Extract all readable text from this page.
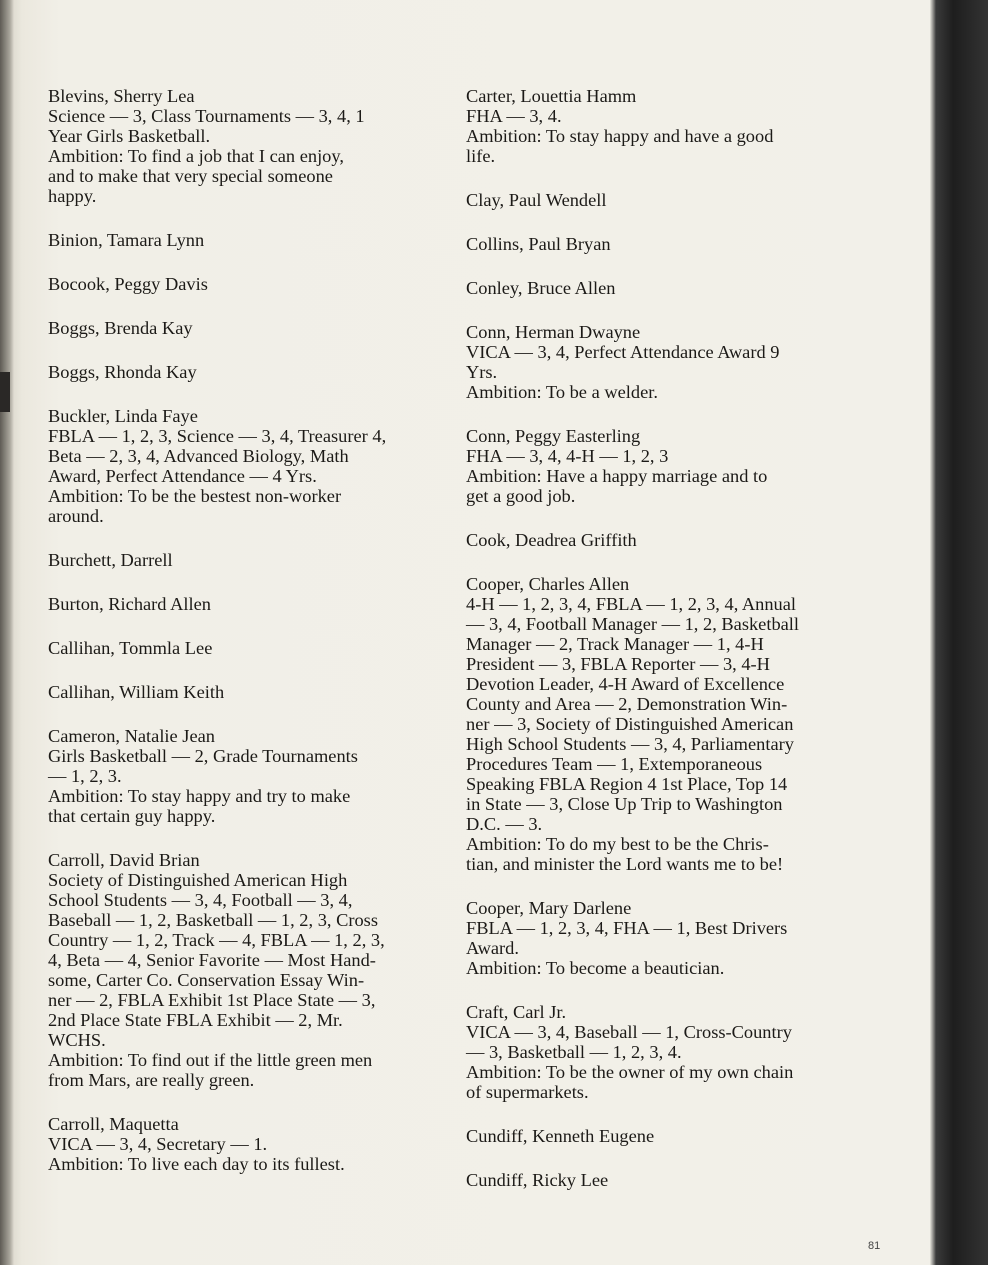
Blevins, Sherry Lea
Science — 3, Class Tournaments — 3, 4, 1
Year Girls Basketball.
Ambition: To find a job that I can enjoy,
and to make that very special someone
happy.
Binion, Tamara Lynn
Bocook, Peggy Davis
Boggs, Brenda Kay
Boggs, Rhonda Kay
Buckler, Linda Faye
FBLA — 1, 2, 3, Science — 3, 4, Treasurer 4,
Beta — 2, 3, 4, Advanced Biology, Math
Award, Perfect Attendance — 4 Yrs.
Ambition: To be the bestest non-worker
around.
Burchett, Darrell
Burton, Richard Allen
Callihan, Tommla Lee
Callihan, William Keith
Cameron, Natalie Jean
Girls Basketball — 2, Grade Tournaments
— 1, 2, 3.
Ambition: To stay happy and try to make
that certain guy happy.
Carroll, David Brian
Society of Distinguished American High
School Students — 3, 4, Football — 3, 4,
Baseball — 1, 2, Basketball — 1, 2, 3, Cross
Country — 1, 2, Track — 4, FBLA — 1, 2, 3,
4, Beta — 4, Senior Favorite — Most Hand-
some, Carter Co. Conservation Essay Win-
ner — 2, FBLA Exhibit 1st Place State — 3,
2nd Place State FBLA Exhibit — 2, Mr.
WCHS.
Ambition: To find out if the little green men
from Mars, are really green.
Carroll, Maquetta
VICA — 3, 4, Secretary — 1.
Ambition: To live each day to its fullest.
Carter, Louettia Hamm
FHA — 3, 4.
Ambition: To stay happy and have a good
life.
Clay, Paul Wendell
Collins, Paul Bryan
Conley, Bruce Allen
Conn, Herman Dwayne
VICA — 3, 4, Perfect Attendance Award 9
Yrs.
Ambition: To be a welder.
Conn, Peggy Easterling
FHA — 3, 4, 4-H — 1, 2, 3
Ambition: Have a happy marriage and to
get a good job.
Cook, Deadrea Griffith
Cooper, Charles Allen
4-H — 1, 2, 3, 4, FBLA — 1, 2, 3, 4, Annual
— 3, 4, Football Manager — 1, 2, Basketball
Manager — 2, Track Manager — 1, 4-H
President — 3, FBLA Reporter — 3, 4-H
Devotion Leader, 4-H Award of Excellence
County and Area — 2, Demonstration Win-
ner — 3, Society of Distinguished American
High School Students — 3, 4, Parliamentary
Procedures Team — 1, Extemporaneous
Speaking FBLA Region 4 1st Place, Top 14
in State — 3, Close Up Trip to Washington
D.C. — 3.
Ambition: To do my best to be the Chris-
tian, and minister the Lord wants me to be!
Cooper, Mary Darlene
FBLA — 1, 2, 3, 4, FHA — 1, Best Drivers
Award.
Ambition: To become a beautician.
Craft, Carl Jr.
VICA — 3, 4, Baseball — 1, Cross-Country
— 3, Basketball — 1, 2, 3, 4.
Ambition: To be the owner of my own chain
of supermarkets.
Cundiff, Kenneth Eugene
Cundiff, Ricky Lee
81
